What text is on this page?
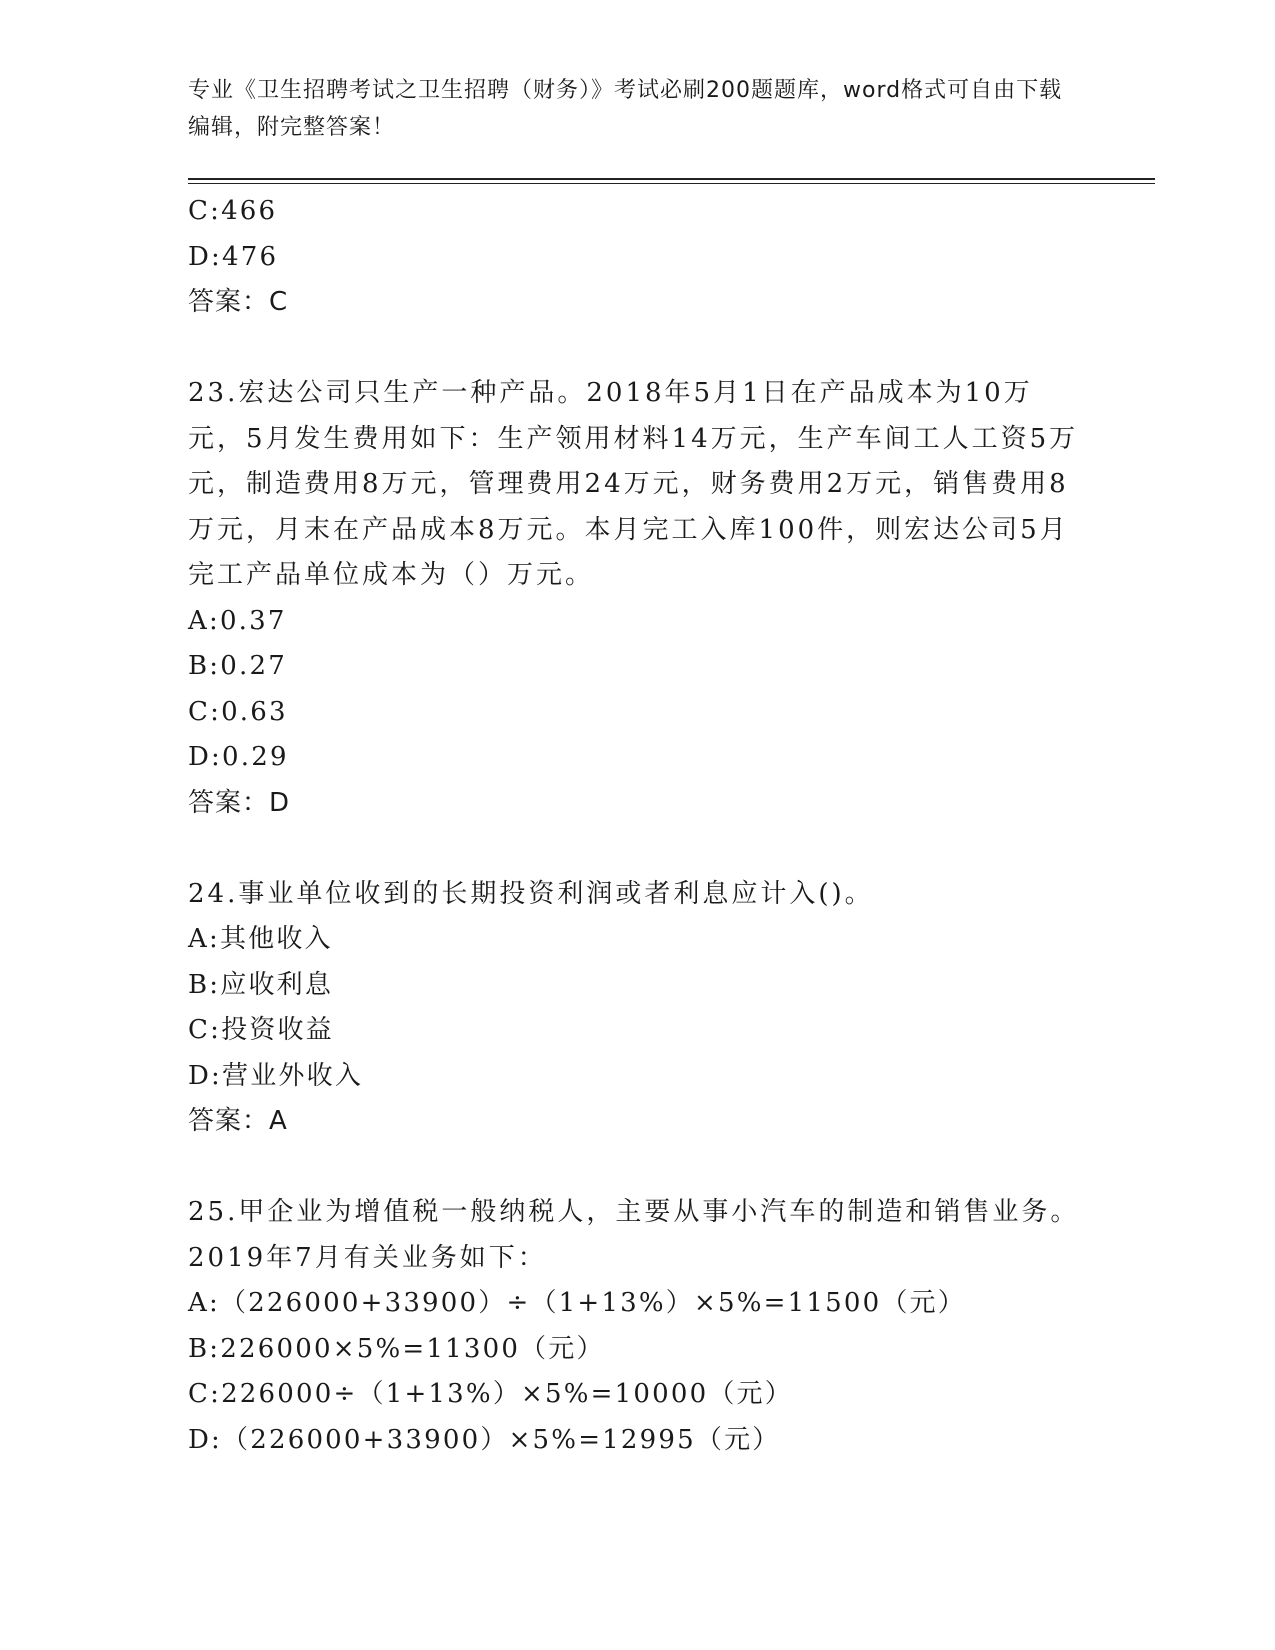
专业《卫生招聘考试之卫生招聘（财务）》考试必刷200题题库，word格式可自由下载编辑，附完整答案！
C:466
D:476
答案：C
23.宏达公司只生产一种产品。2018年5月1日在产品成本为10万元，5月发生费用如下：生产领用材料14万元，生产车间工人工资5万元，制造费用8万元，管理费用24万元，财务费用2万元，销售费用8万元，月末在产品成本8万元。本月完工入库100件，则宏达公司5月完工产品单位成本为（）万元。
A:0.37
B:0.27
C:0.63
D:0.29
答案：D
24.事业单位收到的长期投资利润或者利息应计入()。
A:其他收入
B:应收利息
C:投资收益
D:营业外收入
答案：A
25.甲企业为增值税一般纳税人，主要从事小汽车的制造和销售业务。2019年7月有关业务如下：
A:（226000+33900）÷（1+13%）×5%=11500（元）
B:226000×5%=11300（元）
C:226000÷（1+13%）×5%=10000（元）
D:（226000+33900）×5%=12995（元）
